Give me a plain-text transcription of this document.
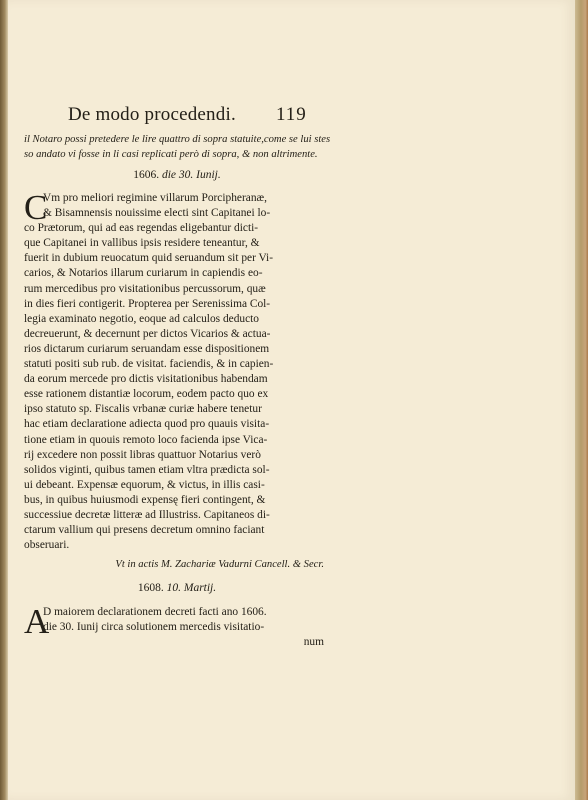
De modo procedendi. 119

il Notaro possi pretedere le lire quattro di sopra statuite,come se lui stes

so andato vi fosse in li casi replicati però di sopra, & non altrimente.

1606. die 30. Iunij.
C
Vm pro meliori regimine villarum Porcipheranæ,
& Bisamnensis nouissime electi sint Capitanei lo-
co Prætorum, qui ad eas regendas eligebantur dicti-
que Capitanei in vallibus ipsis residere teneantur, &
fuerit in dubium reuocatum quid seruandum sit per Vi-
carios, & Notarios illarum curiarum in capiendis eo-
rum mercedibus pro visitationibus percussorum, quæ
in dies fieri contigerit. Propterea per Serenissima Col-
legia examinato negotio, eoque ad calculos deducto
decreuerunt, & decernunt per dictos Vicarios & actua-
rios dictarum curiarum seruandam esse dispositionem
statuti positi sub rub. de visitat. faciendis, & in capien-
da eorum mercede pro dictis visitationibus habendam
esse rationem distantiæ locorum, eodem pacto quo ex
ipso statuto sp. Fiscalis vrbanæ curiæ habere tenetur
hac etiam declaratione adiecta quod pro quauis visita-
tione etiam in quouis remoto loco facienda ipse Vica-
rij excedere non possit libras quattuor Notarius verò
solidos viginti, quibus tamen etiam vltra prædicta sol-
ui debeant. Expensæ equorum, & victus, in illis casi-
bus, in quibus huiusmodi expensę fieri contingent, &
successiue decretæ litteræ ad Illustriss. Capitaneos di-
ctarum vallium qui presens decretum omnino faciant
obseruari.
Vt in actis M. Zachariæ Vadurni Cancell. & Secr.
1608. 10. Martij.
A
D maiorem declarationem decreti facti ano 1606.
die 30. Iunij circa solutionem mercedis visitatio-
num
